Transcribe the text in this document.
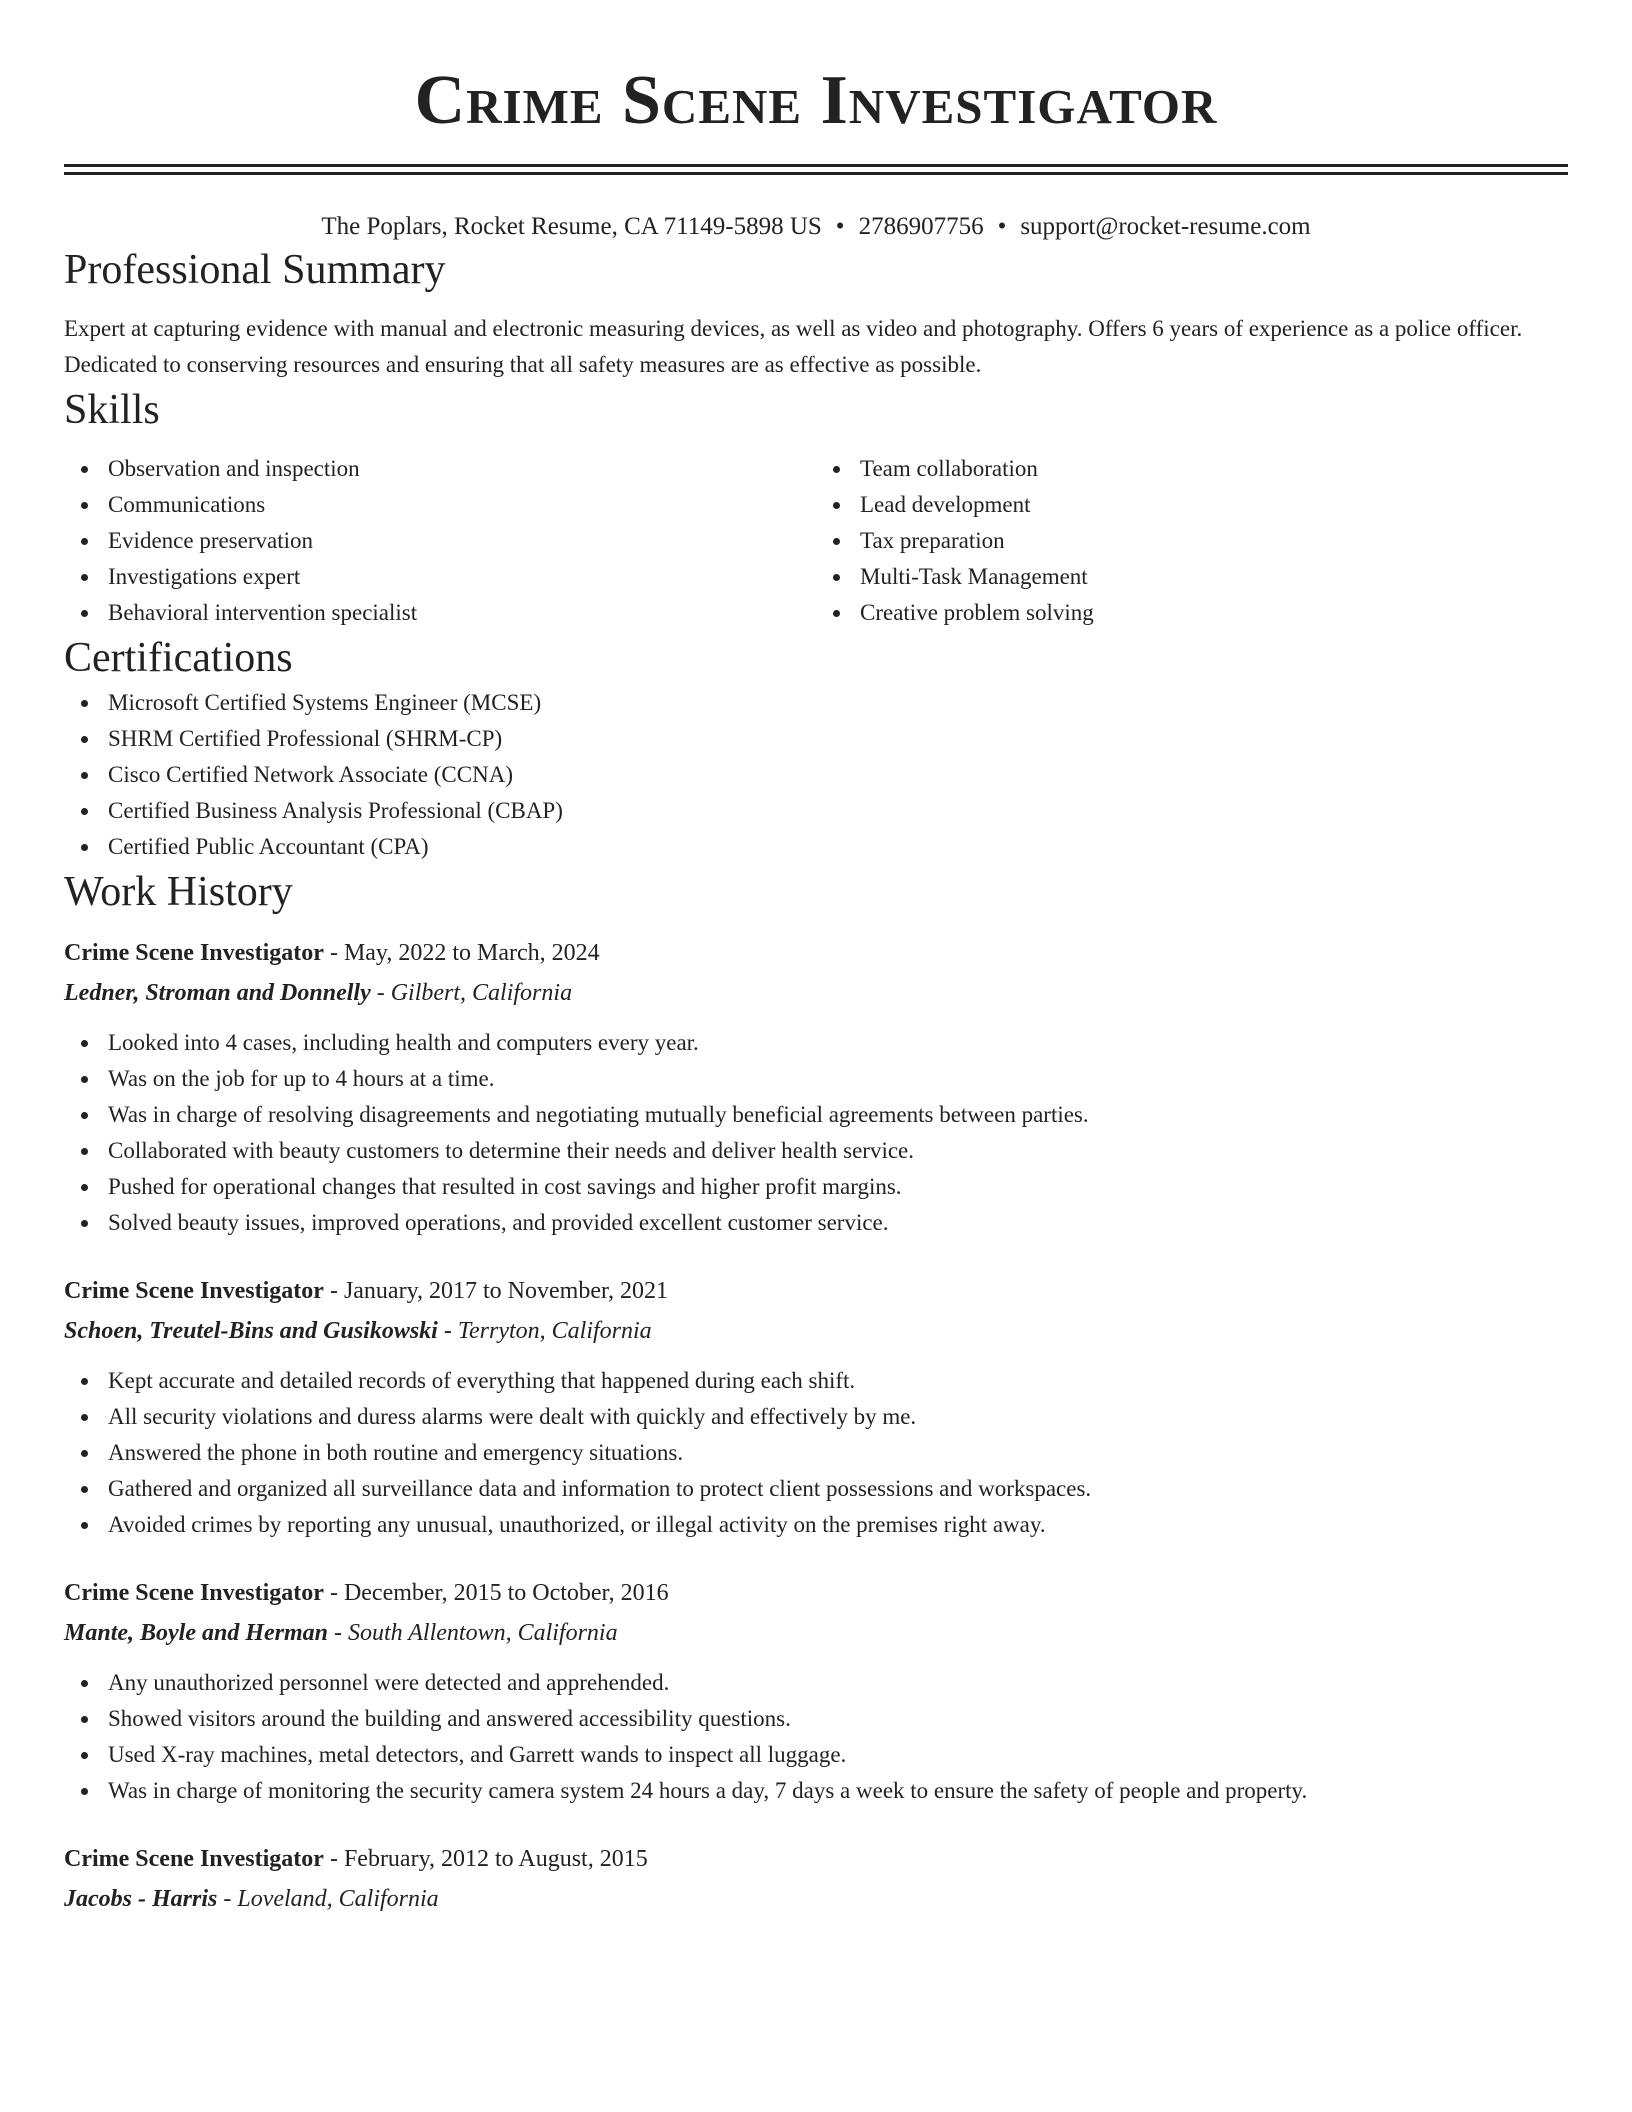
Crime Scene Investigator
The Poplars, Rocket Resume, CA 71149-5898 US • 2786907756 • support@rocket-resume.com
Professional Summary

Expert at capturing evidence with manual and electronic measuring devices, as well as video and photography. Offers 6 years of experience as a police officer. Dedicated to conserving resources and ensuring that all safety measures are as effective as possible.

Skills
Observation and inspection
Communications
Evidence preservation
Investigations expert
Behavioral intervention specialist
Team collaboration
Lead development
Tax preparation
Multi-Task Management
Creative problem solving
Certifications
Microsoft Certified Systems Engineer (MCSE)
SHRM Certified Professional (SHRM-CP)
Cisco Certified Network Associate (CCNA)
Certified Business Analysis Professional (CBAP)
Certified Public Accountant (CPA)
Work History
Crime Scene Investigator - May, 2022 to March, 2024
Ledner, Stroman and Donnelly - Gilbert, California
Looked into 4 cases, including health and computers every year.
Was on the job for up to 4 hours at a time.
Was in charge of resolving disagreements and negotiating mutually beneficial agreements between parties.
Collaborated with beauty customers to determine their needs and deliver health service.
Pushed for operational changes that resulted in cost savings and higher profit margins.
Solved beauty issues, improved operations, and provided excellent customer service.
Crime Scene Investigator - January, 2017 to November, 2021
Schoen, Treutel-Bins and Gusikowski - Terryton, California
Kept accurate and detailed records of everything that happened during each shift.
All security violations and duress alarms were dealt with quickly and effectively by me.
Answered the phone in both routine and emergency situations.
Gathered and organized all surveillance data and information to protect client possessions and workspaces.
Avoided crimes by reporting any unusual, unauthorized, or illegal activity on the premises right away.
Crime Scene Investigator - December, 2015 to October, 2016
Mante, Boyle and Herman - South Allentown, California
Any unauthorized personnel were detected and apprehended.
Showed visitors around the building and answered accessibility questions.
Used X-ray machines, metal detectors, and Garrett wands to inspect all luggage.
Was in charge of monitoring the security camera system 24 hours a day, 7 days a week to ensure the safety of people and property.
Crime Scene Investigator - February, 2012 to August, 2015
Jacobs - Harris - Loveland, California
